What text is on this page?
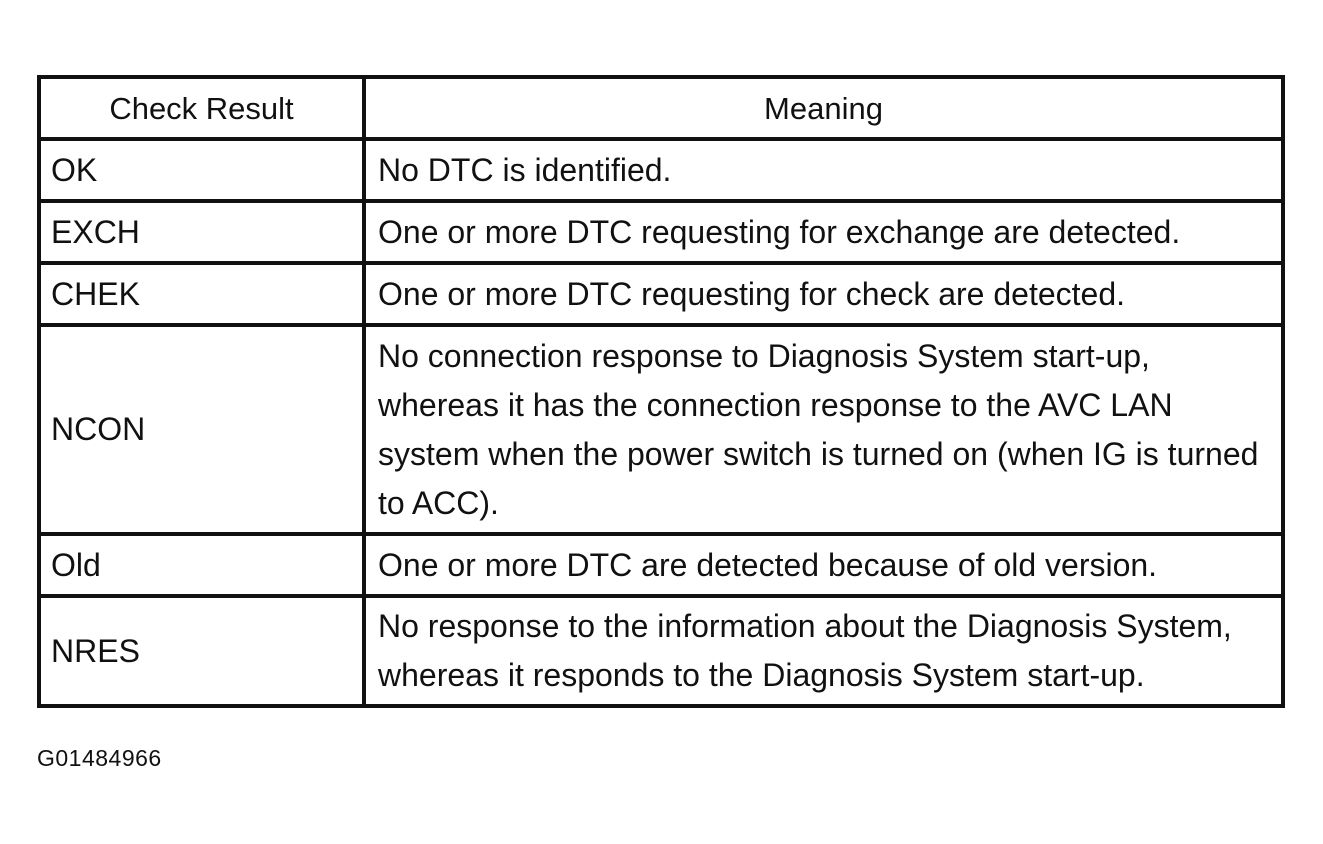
Check Result	Meaning
OK	No DTC is identified.
EXCH	One or more DTC requesting for exchange are detected.
CHEK	One or more DTC requesting for check are detected.
NCON	No connection response to Diagnosis System start-up, whereas it has the connection response to the AVC LAN system when the power switch is turned on (when IG is turned to ACC).
Old	One or more DTC are detected because of old version.
NRES	No response to the information about the Diagnosis System, whereas it responds to the Diagnosis System start-up.
G01484966
